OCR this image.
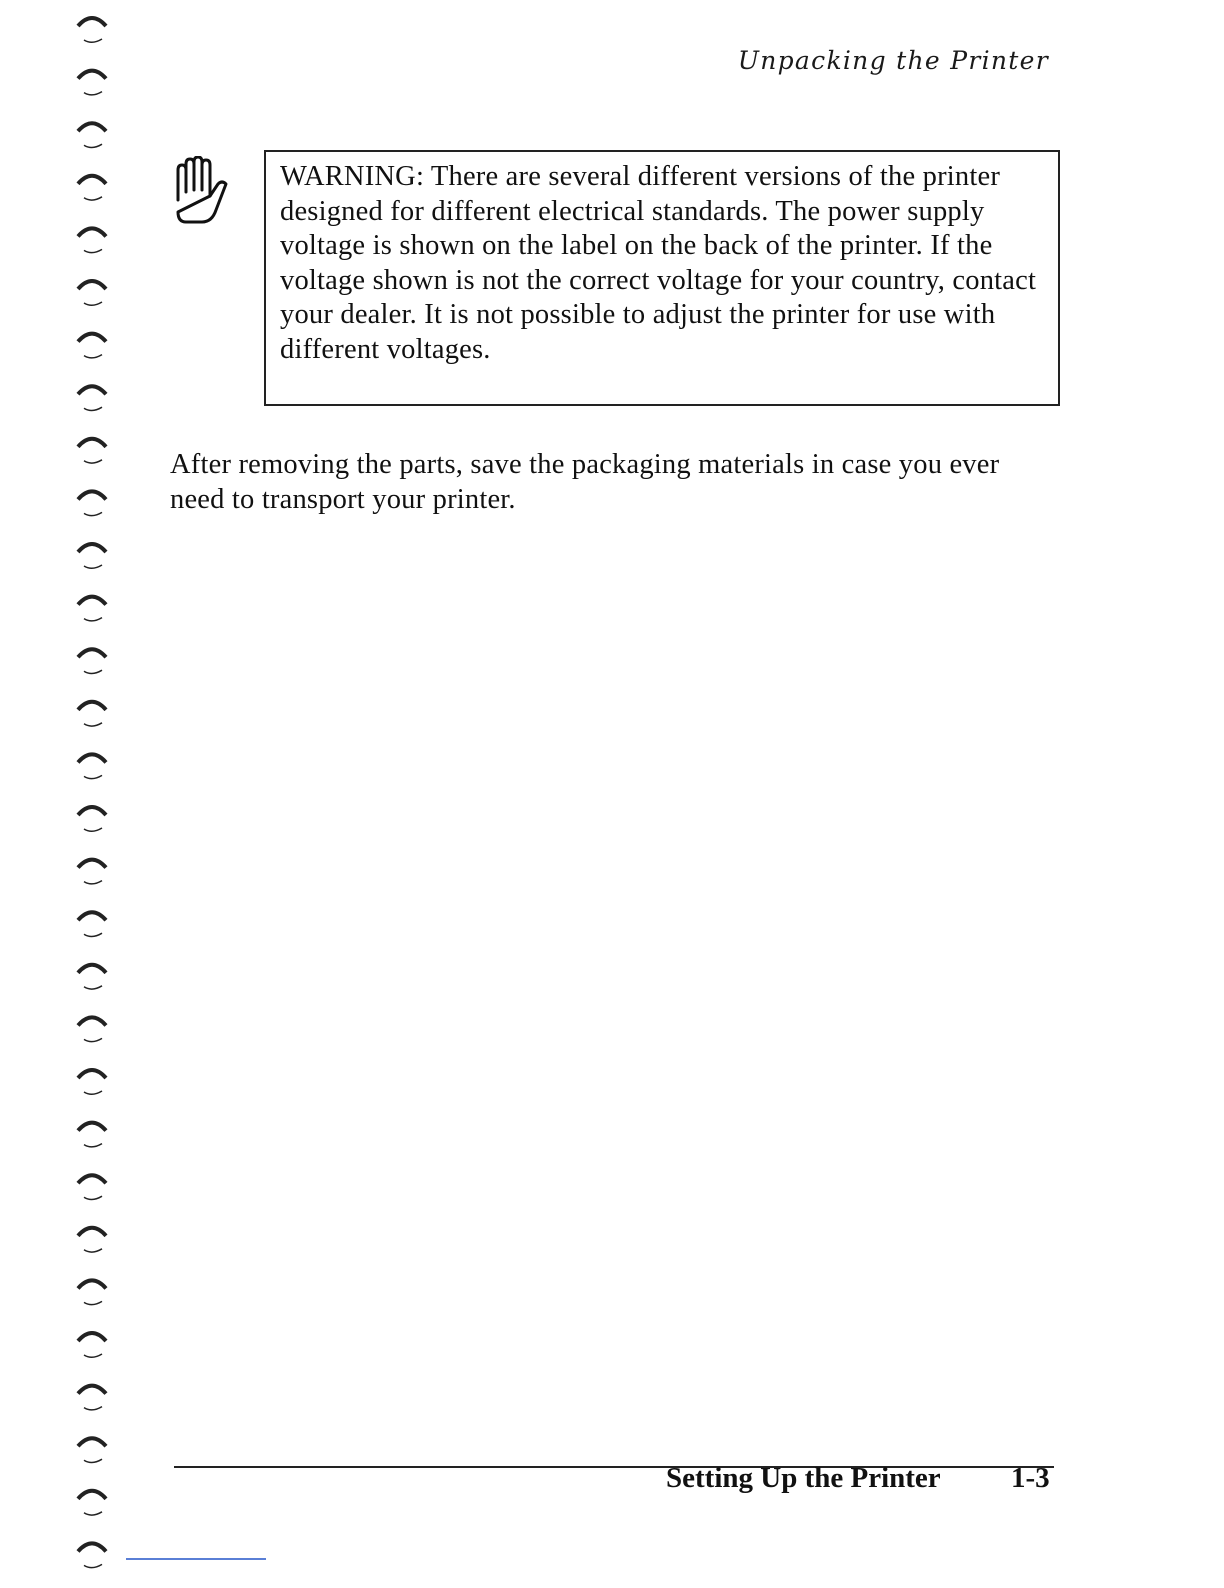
Unpacking the Printer

WARNING: There are several different versions of the printer designed for different electrical standards. The power supply voltage is shown on the label on the back of the printer. If the voltage shown is not the correct voltage for your country, contact your dealer. It is not possible to adjust the printer for use with different voltages.

After removing the parts, save the packaging materials in case you ever need to transport your printer.

Setting Up the Printer 1-3
